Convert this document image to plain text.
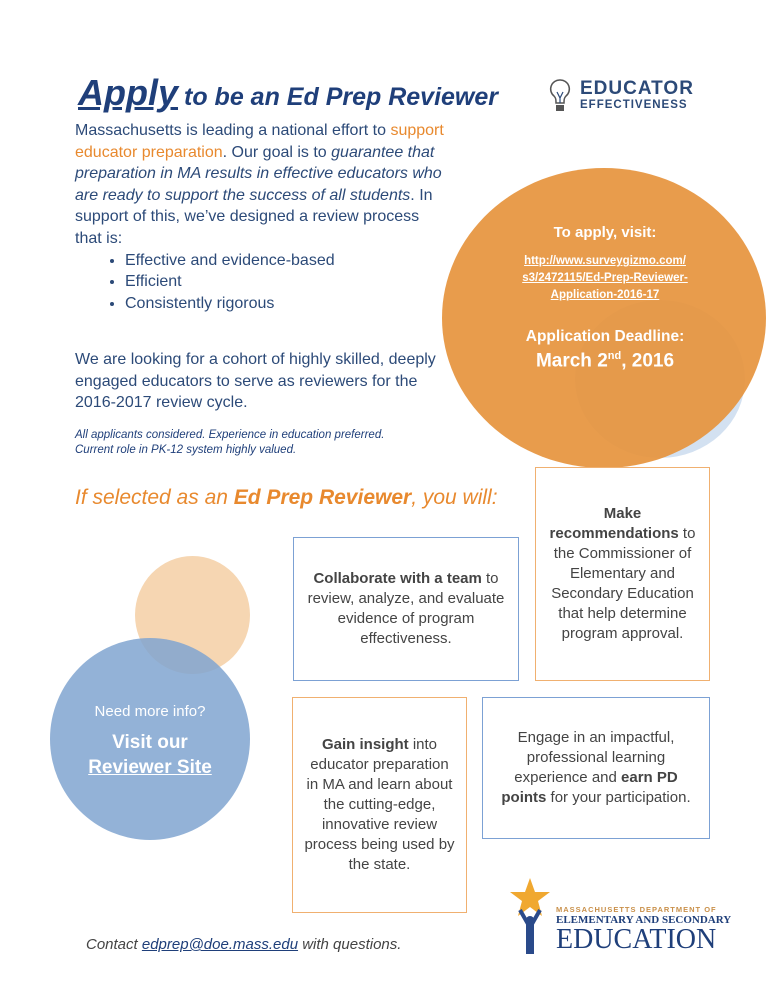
Apply to be an Ed Prep Reviewer	EDUCATOR
EFFECTIVENESS
Massachusetts is leading a national effort to support educator preparation. Our goal is to guarantee that preparation in MA results in effective educators who are ready to support the success of all students. In support of this, we’ve designed a review process that is:
• Effective and evidence-based
• Efficient
• Consistently rigorous
We are looking for a cohort of highly skilled, deeply engaged educators to serve as reviewers for the 2016-2017 review cycle.
All applicants considered. Experience in education preferred.
Current role in PK-12 system highly valued.
To apply, visit:
http://www.surveygizmo.com/
s3/2472115/Ed-Prep-Reviewer-
Application-2016-17
Application Deadline:
March 2nd, 2016
If selected as an Ed Prep Reviewer, you will:
Collaborate with a team to review, analyze, and evaluate evidence of program effectiveness.
Make recommendations to the Commissioner of Elementary and Secondary Education that help determine program approval.
Gain insight into educator preparation in MA and learn about the cutting-edge, innovative review process being used by the state.
Engage in an impactful, professional learning experience and earn PD points for your participation.
Need more info?
Visit our
Reviewer Site
Contact edprep@doe.mass.edu with questions.
MASSACHUSETTS DEPARTMENT OF
ELEMENTARY AND SECONDARY
EDUCATION
